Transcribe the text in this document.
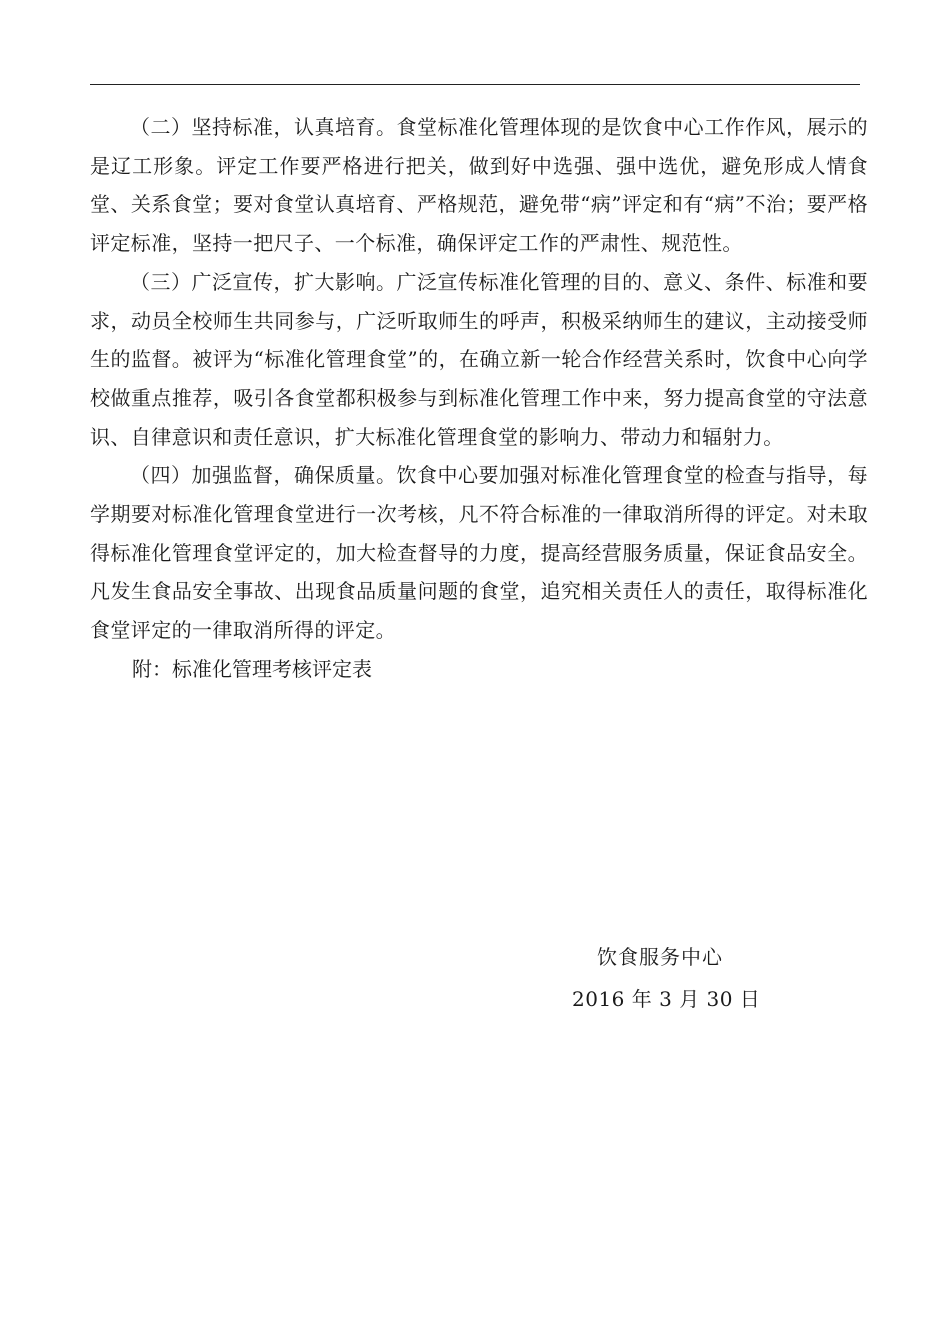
（二）坚持标准，认真培育。食堂标准化管理体现的是饮食中心工作作风，展示的是辽工形象。评定工作要严格进行把关，做到好中选强、强中选优，避免形成人情食堂、关系食堂；要对食堂认真培育、严格规范，避免带“病”评定和有“病”不治；要严格评定标准，坚持一把尺子、一个标准，确保评定工作的严肃性、规范性。

（三）广泛宣传，扩大影响。广泛宣传标准化管理的目的、意义、条件、标准和要求，动员全校师生共同参与，广泛听取师生的呼声，积极采纳师生的建议，主动接受师生的监督。被评为“标准化管理食堂”的，在确立新一轮合作经营关系时，饮食中心向学校做重点推荐，吸引各食堂都积极参与到标准化管理工作中来，努力提高食堂的守法意识、自律意识和责任意识，扩大标准化管理食堂的影响力、带动力和辐射力。

（四）加强监督，确保质量。饮食中心要加强对标准化管理食堂的检查与指导，每学期要对标准化管理食堂进行一次考核，凡不符合标准的一律取消所得的评定。对未取得标准化管理食堂评定的，加大检查督导的力度，提高经营服务质量，保证食品安全。凡发生食品安全事故、出现食品质量问题的食堂，追究相关责任人的责任，取得标准化食堂评定的一律取消所得的评定。

附：标准化管理考核评定表

饮食服务中心
2016 年 3 月 30 日
